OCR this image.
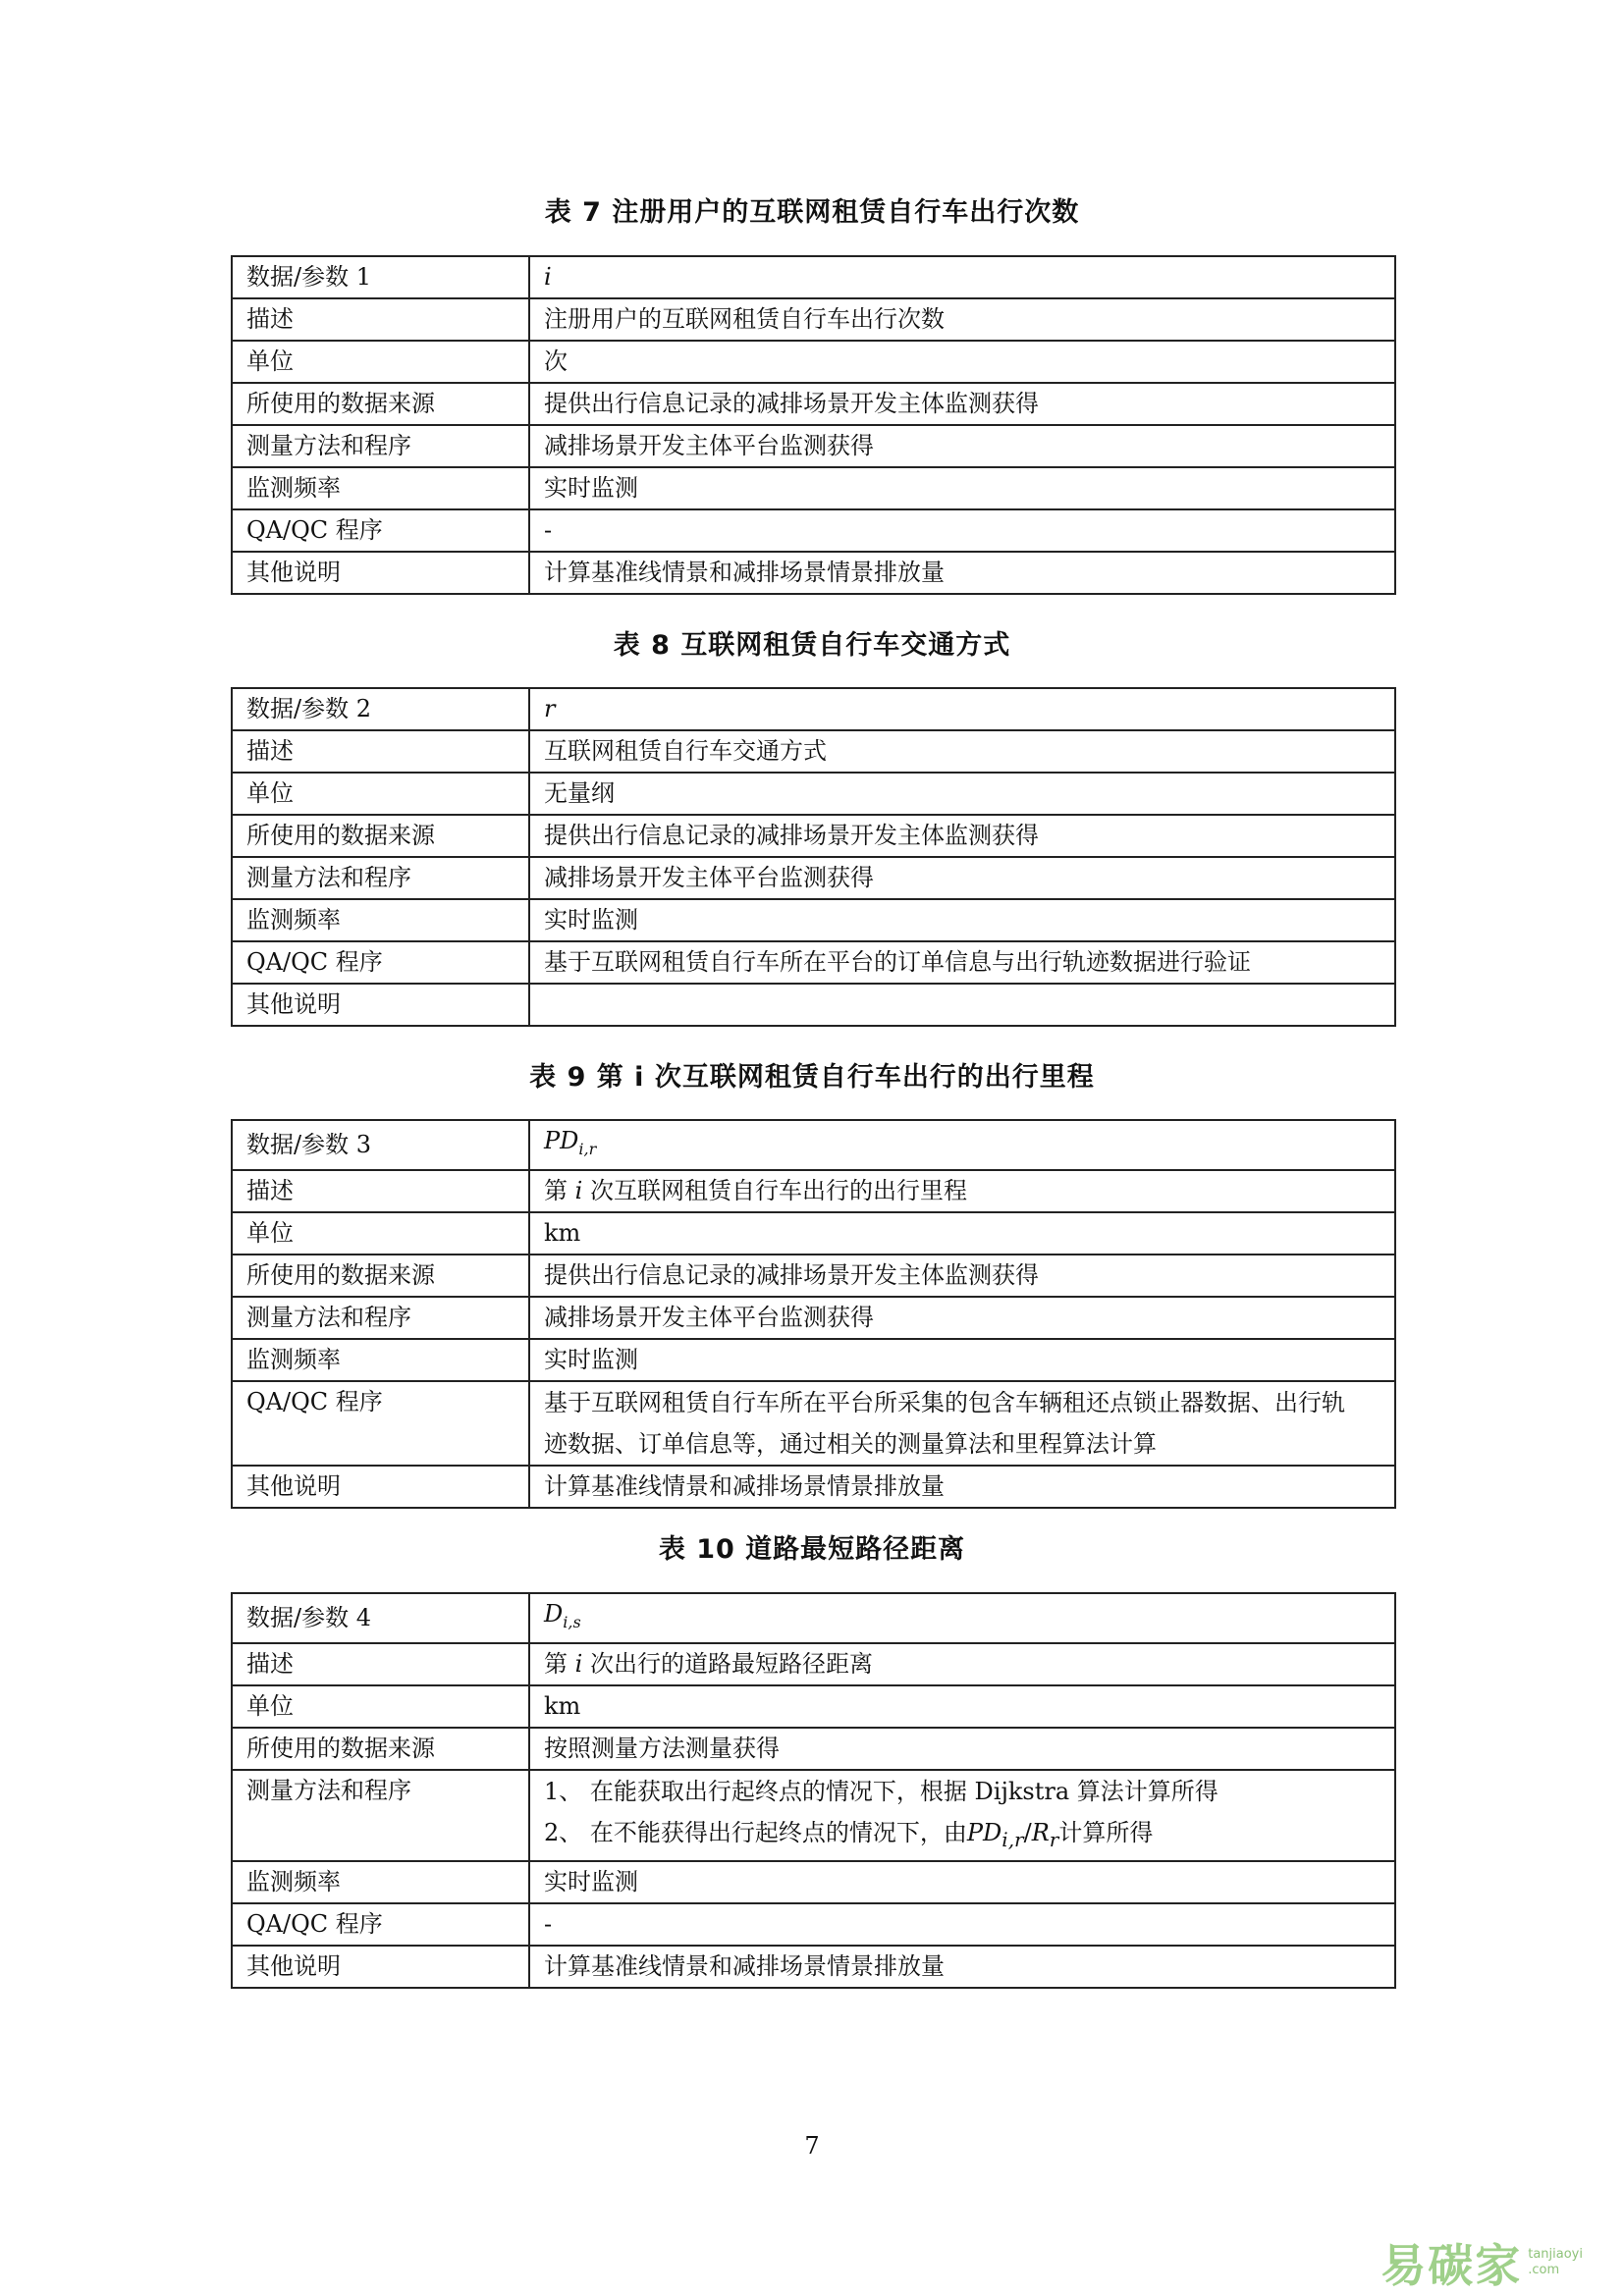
表 7 注册用户的互联网租赁自行车出行次数
数据/参数 1	i
描述	注册用户的互联网租赁自行车出行次数
单位	次
所使用的数据来源	提供出行信息记录的减排场景开发主体监测获得
测量方法和程序	减排场景开发主体平台监测获得
监测频率	实时监测
QA/QC 程序	-
其他说明	计算基准线情景和减排场景情景排放量
表 8 互联网租赁自行车交通方式
数据/参数 2	r
描述	互联网租赁自行车交通方式
单位	无量纲
所使用的数据来源	提供出行信息记录的减排场景开发主体监测获得
测量方法和程序	减排场景开发主体平台监测获得
监测频率	实时监测
QA/QC 程序	基于互联网租赁自行车所在平台的订单信息与出行轨迹数据进行验证
其他说明	
表 9 第 i 次互联网租赁自行车出行的出行里程
数据/参数 3	$PD_{i,r}$
描述	第 i 次互联网租赁自行车出行的出行里程
单位	km
所使用的数据来源	提供出行信息记录的减排场景开发主体监测获得
测量方法和程序	减排场景开发主体平台监测获得
监测频率	实时监测
QA/QC 程序	基于互联网租赁自行车所在平台所采集的包含车辆租还点锁止器数据、出行轨
迹数据、订单信息等，通过相关的测量算法和里程算法计算

其他说明	计算基准线情景和减排场景情景排放量
表 10 道路最短路径距离
数据/参数 4	$D_{i,s}$
描述	第 i 次出行的道路最短路径距离
单位	km
所使用的数据来源	按照测量方法测量获得
测量方法和程序	1、 在能获取出行起终点的情况下，根据 Dijkstra 算法计算所得
2、 在不能获得出行起终点的情况下，由$PD_{i,r}/R_r$计算所得

监测频率	实时监测
QA/QC 程序	-
其他说明	计算基准线情景和减排场景情景排放量
7
易碳家 tanjiaoyi
.com
